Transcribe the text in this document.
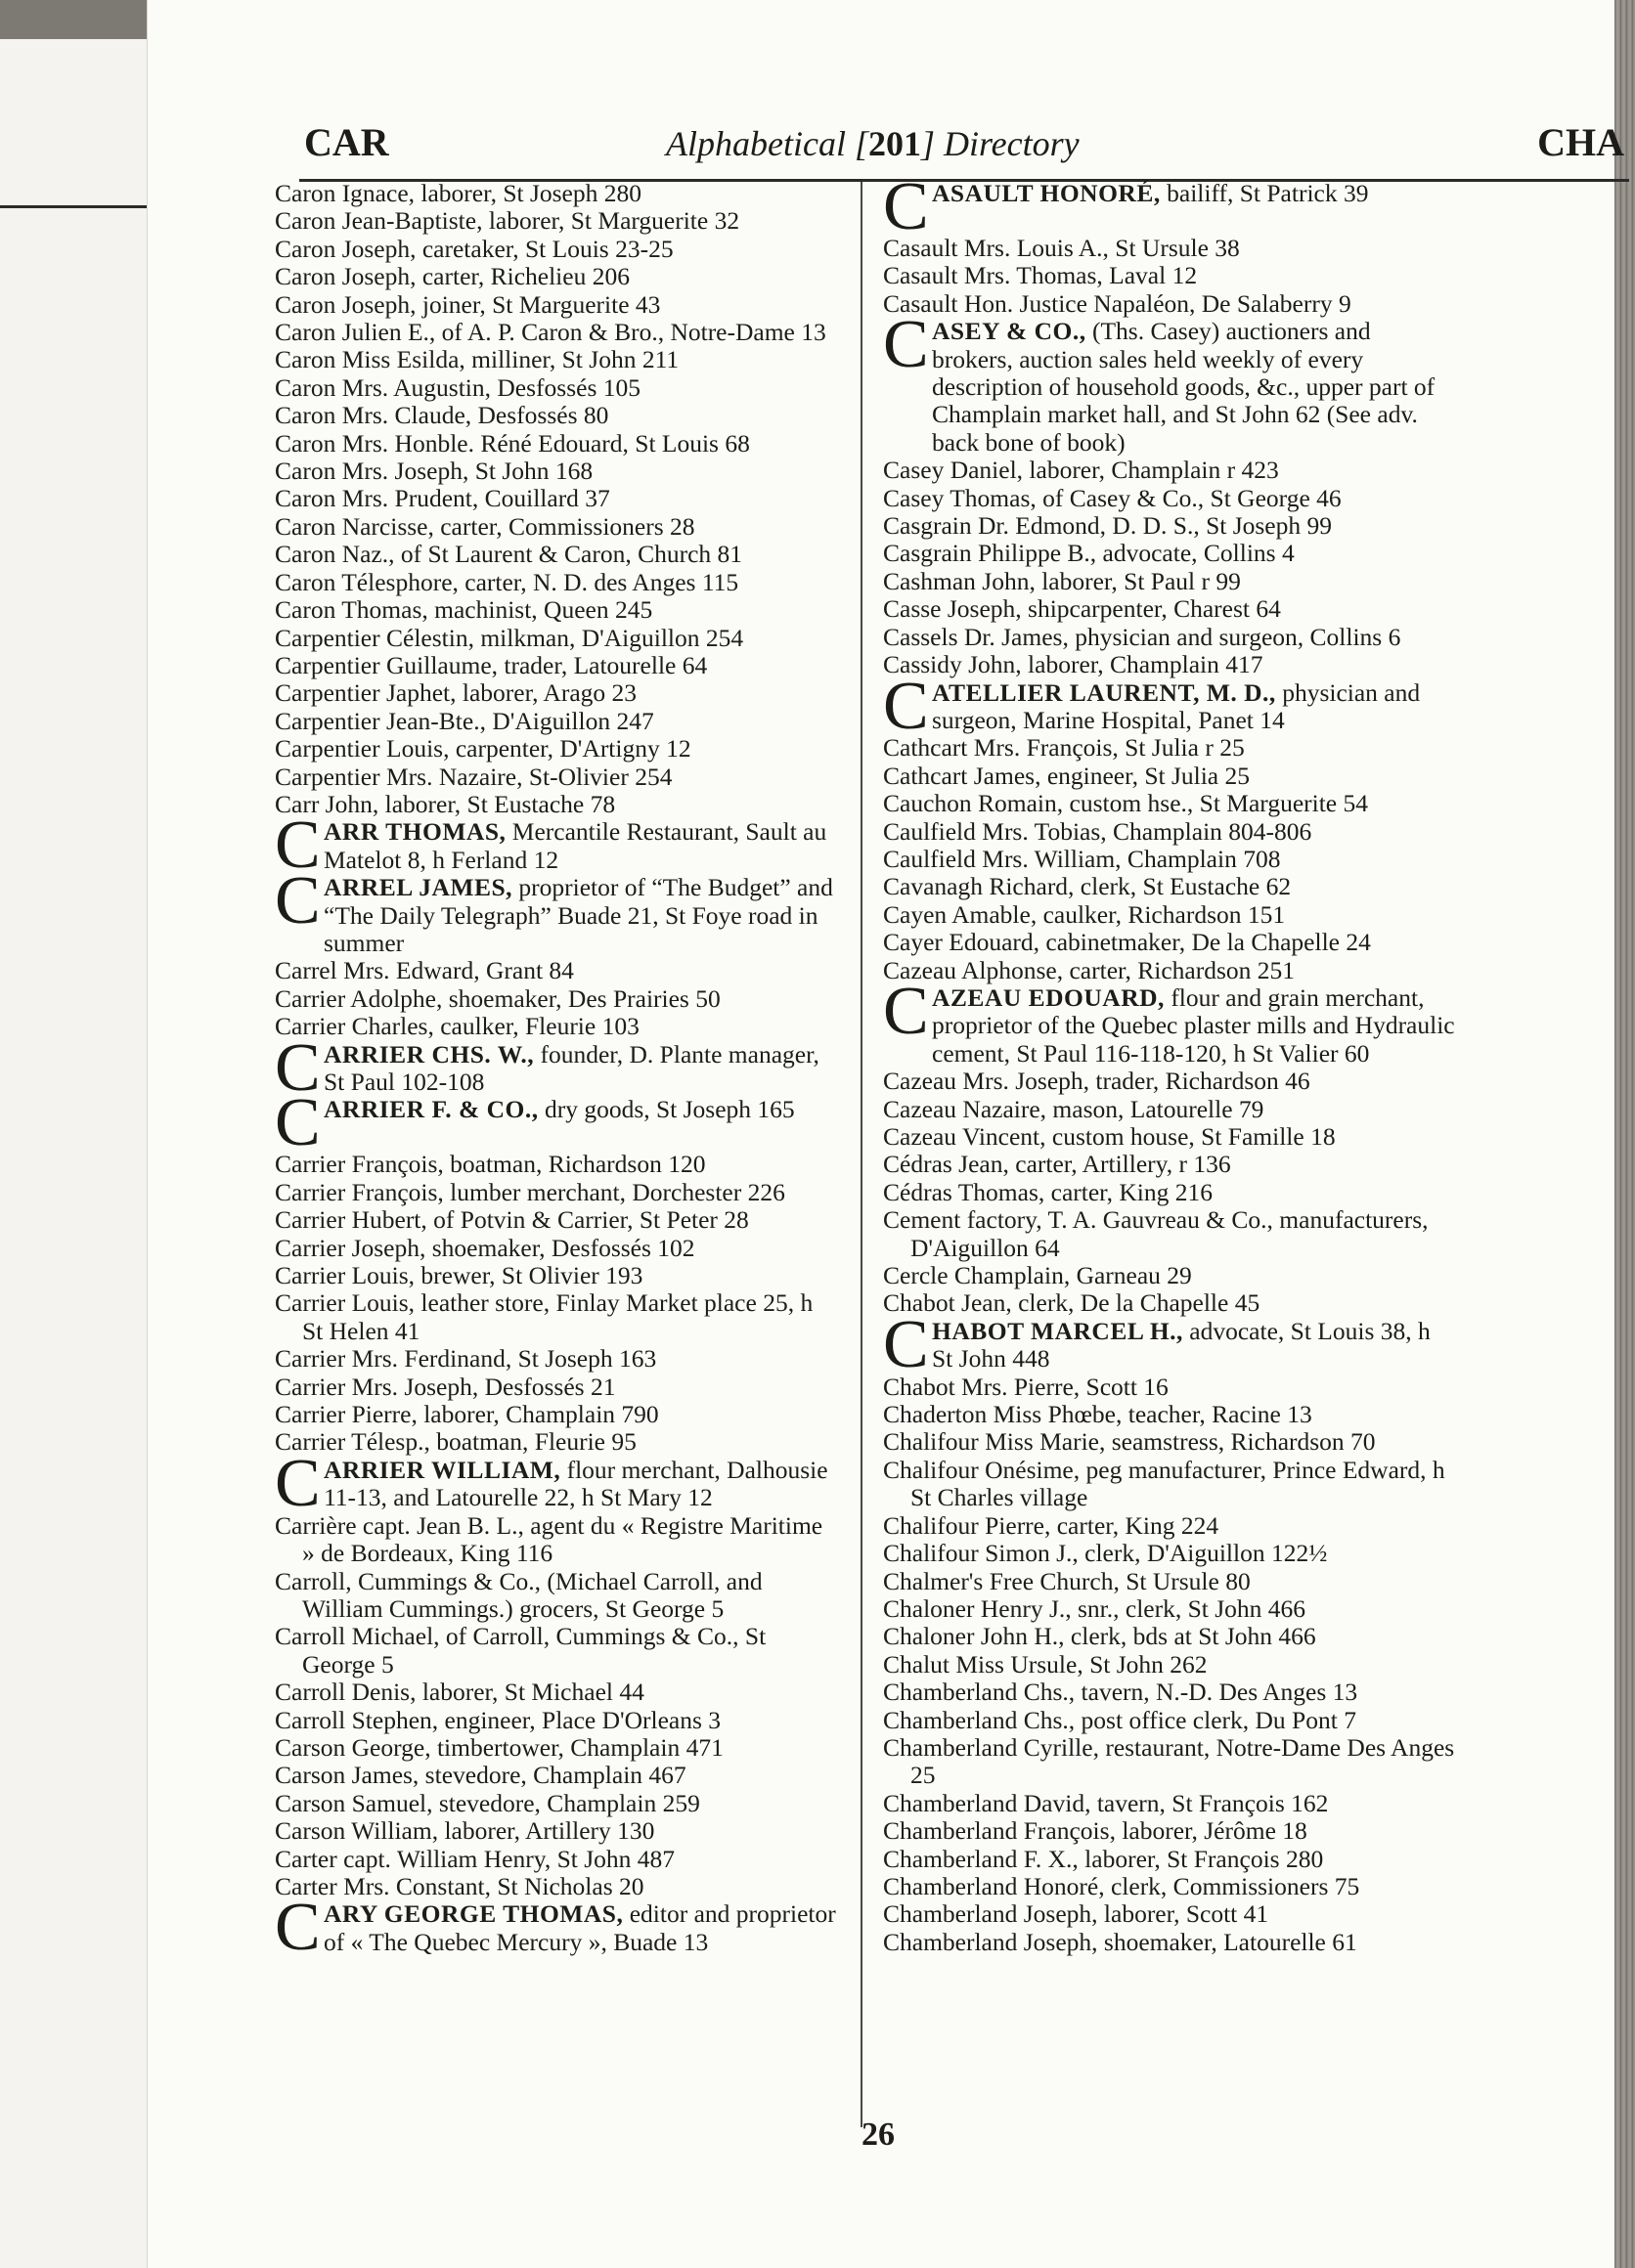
CAR	Alphabetical [201] Directory	CHA

Caron Ignace, laborer, St Joseph 280

Caron Jean-Baptiste, laborer, St Marguerite 32

Caron Joseph, caretaker, St Louis 23-25

Caron Joseph, carter, Richelieu 206

Caron Joseph, joiner, St Marguerite 43

Caron Julien E., of A. P. Caron & Bro., Notre-Dame 13

Caron Miss Esilda, milliner, St John 211

Caron Mrs. Augustin, Desfossés 105

Caron Mrs. Claude, Desfossés 80

Caron Mrs. Honble. Réné Edouard, St Louis 68

Caron Mrs. Joseph, St John 168

Caron Mrs. Prudent, Couillard 37

Caron Narcisse, carter, Commissioners 28

Caron Naz., of St Laurent & Caron, Church 81

Caron Télesphore, carter, N. D. des Anges 115

Caron Thomas, machinist, Queen 245

Carpentier Célestin, milkman, D'Aiguillon 254

Carpentier Guillaume, trader, Latourelle 64

Carpentier Japhet, laborer, Arago 23

Carpentier Jean-Bte., D'Aiguillon 247

Carpentier Louis, carpenter, D'Artigny 12

Carpentier Mrs. Nazaire, St-Olivier 254

Carr John, laborer, St Eustache 78

C ARR THOMAS, Mercantile Restaurant, Sault au Matelot 8, h Ferland 12

C ARREL JAMES, proprietor of “The Budget” and “The Daily Telegraph” Buade 21, St Foye road in summer

Carrel Mrs. Edward, Grant 84

Carrier Adolphe, shoemaker, Des Prairies 50

Carrier Charles, caulker, Fleurie 103

C ARRIER CHS. W., founder, D. Plante manager, St Paul 102-108

C ARRIER F. & CO., dry goods, St Joseph 165

Carrier François, boatman, Richardson 120

Carrier François, lumber merchant, Dorchester 226

Carrier Hubert, of Potvin & Carrier, St Peter 28

Carrier Joseph, shoemaker, Desfossés 102

Carrier Louis, brewer, St Olivier 193

Carrier Louis, leather store, Finlay Market place 25, h St Helen 41

Carrier Mrs. Ferdinand, St Joseph 163

Carrier Mrs. Joseph, Desfossés 21

Carrier Pierre, laborer, Champlain 790

Carrier Télesp., boatman, Fleurie 95

C ARRIER WILLIAM, flour merchant, Dalhousie 11-13, and Latourelle 22, h St Mary 12

Carrière capt. Jean B. L., agent du « Registre Maritime » de Bordeaux, King 116

Carroll, Cummings & Co., (Michael Carroll, and William Cummings.) grocers, St George 5

Carroll Michael, of Carroll, Cummings & Co., St George 5

Carroll Denis, laborer, St Michael 44

Carroll Stephen, engineer, Place D'Orleans 3

Carson George, timbertower, Champlain 471

Carson James, stevedore, Champlain 467

Carson Samuel, stevedore, Champlain 259

Carson William, laborer, Artillery 130

Carter capt. William Henry, St John 487

Carter Mrs. Constant, St Nicholas 20

C ARY GEORGE THOMAS, editor and proprietor of « The Quebec Mercury », Buade 13

C ASAULT HONORÉ, bailiff, St Patrick 39

Casault Mrs. Louis A., St Ursule 38

Casault Mrs. Thomas, Laval 12

Casault Hon. Justice Napaléon, De Salaberry 9

C ASEY & CO., (Ths. Casey) auctioners and brokers, auction sales held weekly of every description of household goods, &c., upper part of Champlain market hall, and St John 62 (See adv. back bone of book)

Casey Daniel, laborer, Champlain r 423

Casey Thomas, of Casey & Co., St George 46

Casgrain Dr. Edmond, D. D. S., St Joseph 99

Casgrain Philippe B., advocate, Collins 4

Cashman John, laborer, St Paul r 99

Casse Joseph, shipcarpenter, Charest 64

Cassels Dr. James, physician and surgeon, Collins 6

Cassidy John, laborer, Champlain 417

C ATELLIER LAURENT, M. D., physician and surgeon, Marine Hospital, Panet 14

Cathcart Mrs. François, St Julia r 25

Cathcart James, engineer, St Julia 25

Cauchon Romain, custom hse., St Marguerite 54

Caulfield Mrs. Tobias, Champlain 804-806

Caulfield Mrs. William, Champlain 708

Cavanagh Richard, clerk, St Eustache 62

Cayen Amable, caulker, Richardson 151

Cayer Edouard, cabinetmaker, De la Chapelle 24

Cazeau Alphonse, carter, Richardson 251

C AZEAU EDOUARD, flour and grain merchant, proprietor of the Quebec plaster mills and Hydraulic cement, St Paul 116-118-120, h St Valier 60

Cazeau Mrs. Joseph, trader, Richardson 46

Cazeau Nazaire, mason, Latourelle 79

Cazeau Vincent, custom house, St Famille 18

Cédras Jean, carter, Artillery, r 136

Cédras Thomas, carter, King 216

Cement factory, T. A. Gauvreau & Co., manufacturers, D'Aiguillon 64

Cercle Champlain, Garneau 29

Chabot Jean, clerk, De la Chapelle 45

C HABOT MARCEL H., advocate, St Louis 38, h St John 448

Chabot Mrs. Pierre, Scott 16

Chaderton Miss Phœbe, teacher, Racine 13

Chalifour Miss Marie, seamstress, Richardson 70

Chalifour Onésime, peg manufacturer, Prince Edward, h St Charles village

Chalifour Pierre, carter, King 224

Chalifour Simon J., clerk, D'Aiguillon 122½

Chalmer's Free Church, St Ursule 80

Chaloner Henry J., snr., clerk, St John 466

Chaloner John H., clerk, bds at St John 466

Chalut Miss Ursule, St John 262

Chamberland Chs., tavern, N.-D. Des Anges 13

Chamberland Chs., post office clerk, Du Pont 7

Chamberland Cyrille, restaurant, Notre-Dame Des Anges 25

Chamberland David, tavern, St François 162

Chamberland François, laborer, Jérôme 18

Chamberland F. X., laborer, St François 280

Chamberland Honoré, clerk, Commissioners 75

Chamberland Joseph, laborer, Scott 41

Chamberland Joseph, shoemaker, Latourelle 61

26
